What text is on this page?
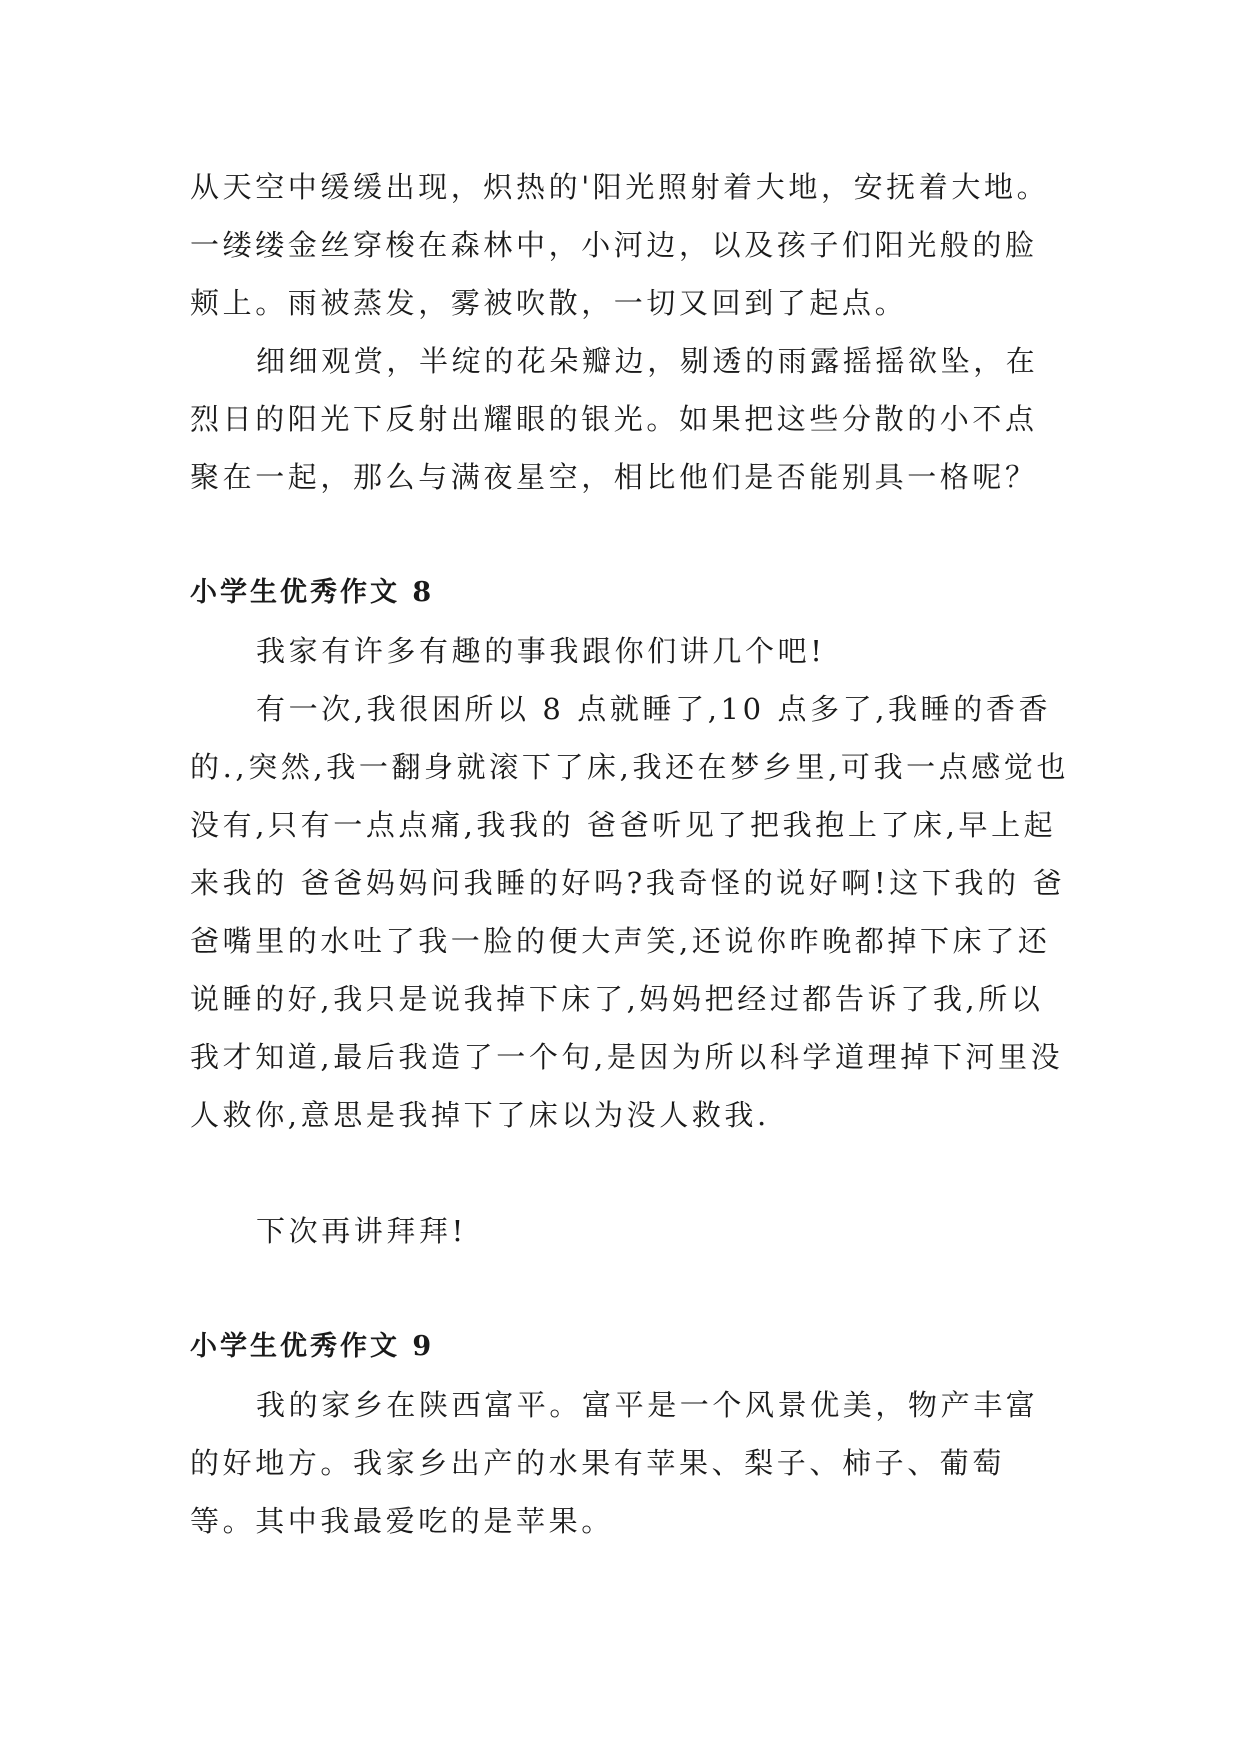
从天空中缓缓出现，炽热的'阳光照射着大地，安抚着大地。一缕缕金丝穿梭在森林中，小河边，以及孩子们阳光般的脸颊上。雨被蒸发，雾被吹散，一切又回到了起点。

细细观赏，半绽的花朵瓣边，剔透的雨露摇摇欲坠，在烈日的阳光下反射出耀眼的银光。如果把这些分散的小不点聚在一起，那么与满夜星空，相比他们是否能别具一格呢？

小学生优秀作文 8

我家有许多有趣的事我跟你们讲几个吧!

有一次,我很困所以 8 点就睡了,10 点多了,我睡的香香的.,突然,我一翻身就滚下了床,我还在梦乡里,可我一点感觉也没有,只有一点点痛,我我的 爸爸听见了把我抱上了床,早上起来我的 爸爸妈妈问我睡的好吗?我奇怪的说好啊!这下我的 爸爸嘴里的水吐了我一脸的便大声笑,还说你昨晚都掉下床了还说睡的好,我只是说我掉下床了,妈妈把经过都告诉了我,所以我才知道,最后我造了一个句,是因为所以科学道理掉下河里没人救你,意思是我掉下了床以为没人救我.

下次再讲拜拜!

小学生优秀作文 9

我的家乡在陕西富平。富平是一个风景优美，物产丰富的好地方。我家乡出产的水果有苹果、梨子、柿子、葡萄等。其中我最爱吃的是苹果。
